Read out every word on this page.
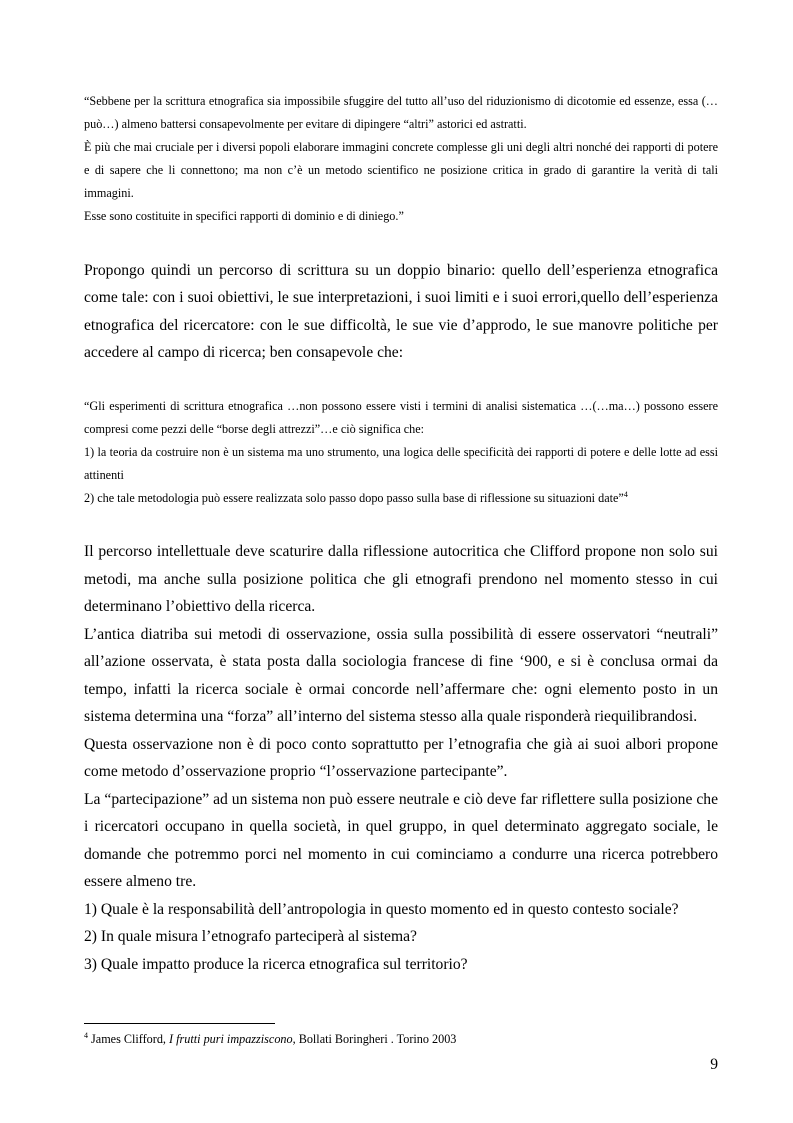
“Sebbene per la scrittura etnografica sia impossibile sfuggire del tutto all’uso del riduzionismo di dicotomie ed essenze, essa (…può…) almeno battersi consapevolmente per evitare di dipingere “altri” astorici ed astratti.

È più che mai cruciale per i diversi popoli elaborare immagini concrete complesse gli uni degli altri nonché dei rapporti di potere e di sapere che li connettono; ma non c’è un metodo scientifico ne posizione critica in grado di garantire la verità di tali immagini.

Esse sono costituite in specifici rapporti di dominio e di diniego.”

Propongo quindi un percorso di scrittura su un doppio binario: quello dell’esperienza etnografica come tale: con i suoi obiettivi, le sue interpretazioni, i suoi limiti e i suoi errori,quello dell’esperienza etnografica del ricercatore: con le sue difficoltà, le sue vie d’approdo, le sue manovre politiche per accedere al campo di ricerca; ben consapevole che:

“Gli esperimenti di scrittura etnografica …non possono essere visti i termini di analisi sistematica …(…ma…) possono essere compresi come pezzi delle “borse degli attrezzi”…e ciò significa che:

1) la teoria da costruire non è un sistema ma uno strumento, una logica delle specificità dei rapporti di potere e delle lotte ad essi attinenti

2) che tale metodologia può essere realizzata solo passo dopo passo sulla base di riflessione su situazioni date”$^4$

Il percorso intellettuale deve scaturire dalla riflessione autocritica che Clifford propone non solo sui metodi, ma anche sulla posizione politica che gli etnografi prendono nel momento stesso in cui determinano l’obiettivo della ricerca.

L’antica diatriba sui metodi di osservazione, ossia sulla possibilità di essere osservatori “neutrali” all’azione osservata, è stata posta dalla sociologia francese di fine ‘900, e si è conclusa ormai da tempo, infatti la ricerca sociale è ormai concorde nell’affermare che: ogni elemento posto in un sistema determina una “forza” all’interno del sistema stesso alla quale risponderà riequilibrandosi.

Questa osservazione non è di poco conto soprattutto per l’etnografia che già ai suoi albori propone come metodo d’osservazione proprio “l’osservazione partecipante”.

La “partecipazione” ad un sistema non può essere neutrale e ciò deve far riflettere sulla posizione che i ricercatori occupano in quella società, in quel gruppo, in quel determinato aggregato sociale, le domande che potremmo porci nel momento in cui cominciamo a condurre una ricerca potrebbero essere almeno tre.

1) Quale è la responsabilità dell’antropologia in questo momento ed in questo contesto sociale?

2) In quale misura l’etnografo parteciperà al sistema?

3) Quale impatto produce la ricerca etnografica sul territorio?

$^4$ James Clifford, I frutti puri impazziscono, Bollati Boringheri . Torino 2003
9
